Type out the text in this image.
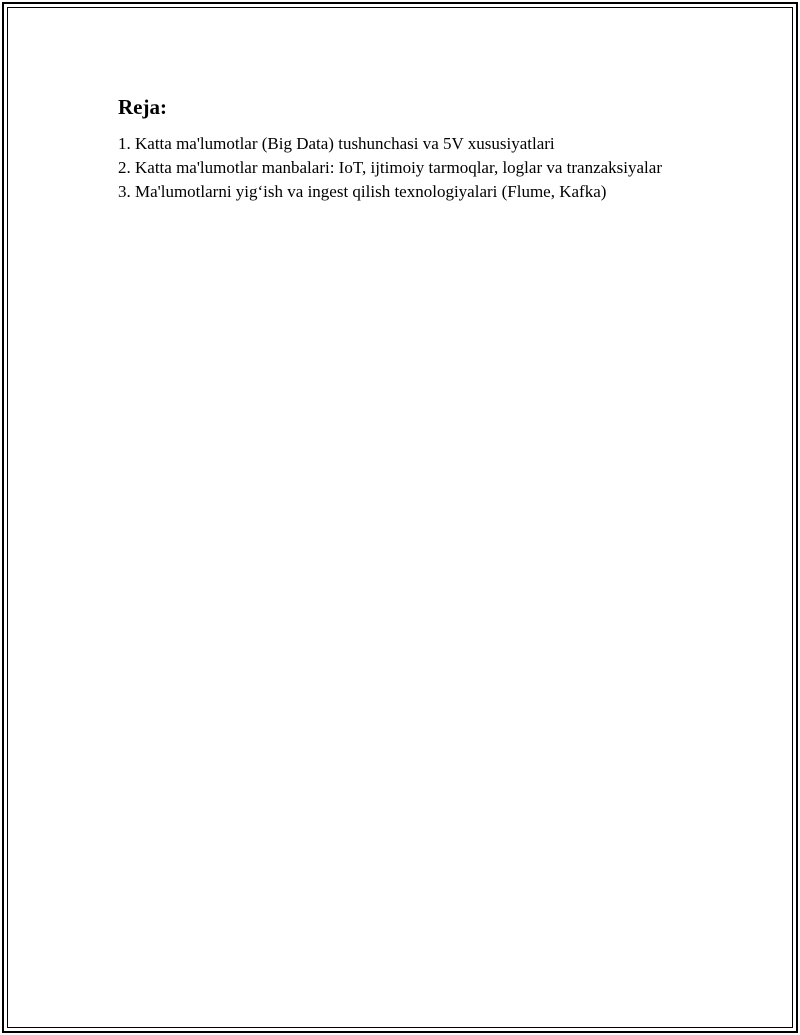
Reja:
1. Katta ma'lumotlar (Big Data) tushunchasi va 5V xususiyatlari
2. Katta ma'lumotlar manbalari: IoT, ijtimoiy tarmoqlar, loglar va tranzaksiyalar
3. Ma'lumotlarni yig‘ish va ingest qilish texnologiyalari (Flume, Kafka)
